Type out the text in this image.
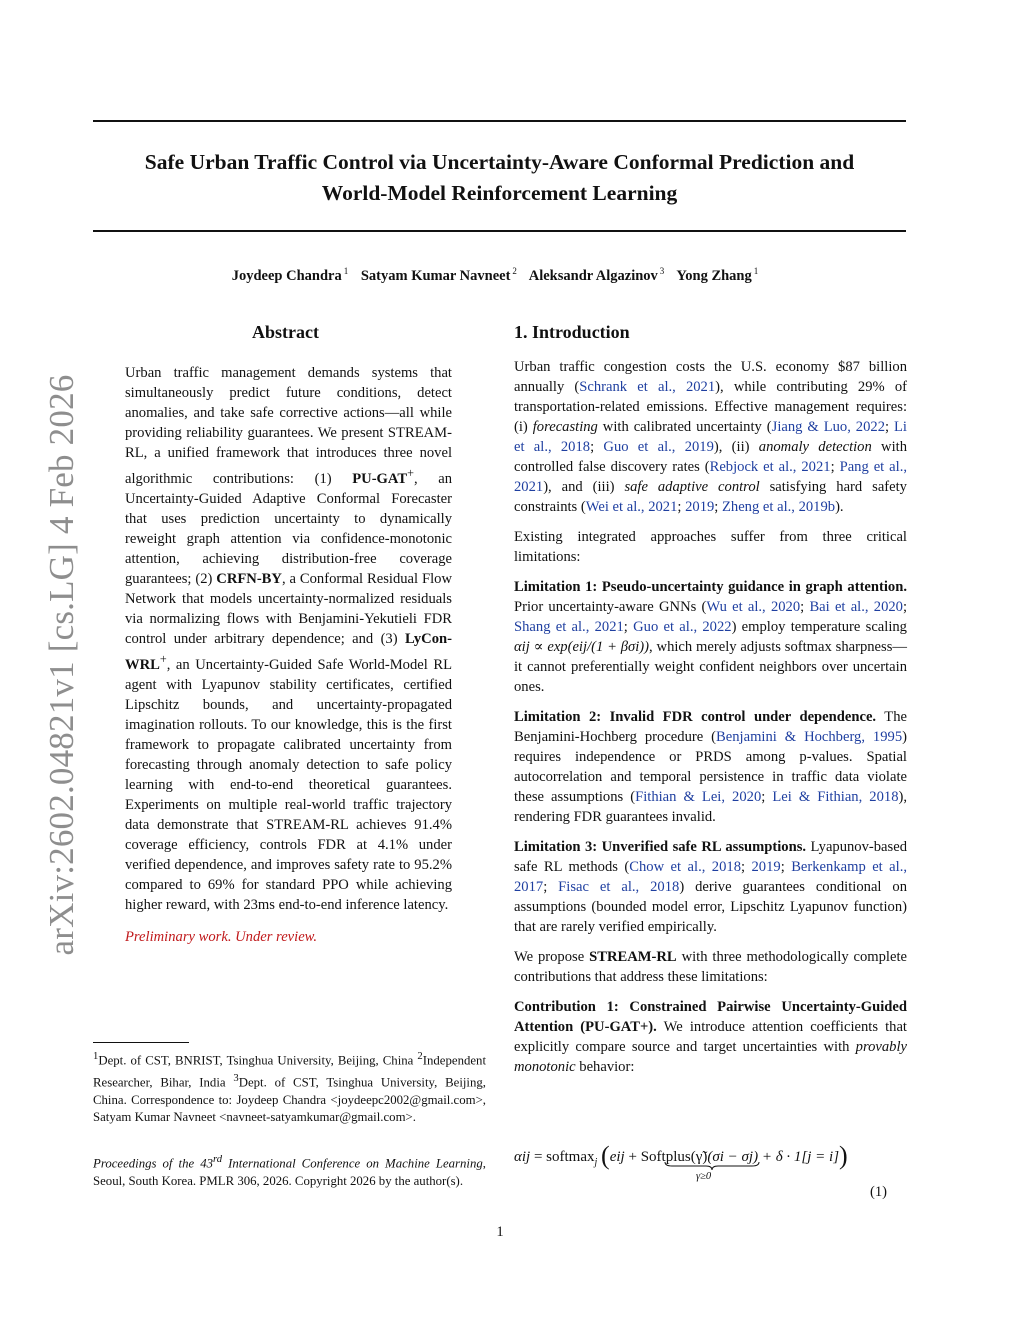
Safe Urban Traffic Control via Uncertainty-Aware Conformal Prediction and
World-Model Reinforcement Learning
Joydeep Chandra $^1$ Satyam Kumar Navneet $^2$ Aleksandr Algazinov $^3$ Yong Zhang $^1$
arXiv:2602.04821v1 [cs.LG] 4 Feb 2026
Abstract

Urban traffic management demands systems that simultaneously predict future conditions, detect anomalies, and take safe corrective actions—all while providing reliability guarantees. We present STREAM-RL, a unified framework that introduces three novel algorithmic contributions: (1) PU-GAT+, an Uncertainty-Guided Adaptive Conformal Forecaster that uses prediction uncertainty to dynamically reweight graph attention via confidence-monotonic attention, achieving distribution-free coverage guarantees; (2) CRFN-BY, a Conformal Residual Flow Network that models uncertainty-normalized residuals via normalizing flows with Benjamini-Yekutieli FDR control under arbitrary dependence; and (3) LyCon-WRL+, an Uncertainty-Guided Safe World-Model RL agent with Lyapunov stability certificates, certified Lipschitz bounds, and uncertainty-propagated imagination rollouts. To our knowledge, this is the first framework to propagate calibrated uncertainty from forecasting through anomaly detection to safe policy learning with end-to-end theoretical guarantees. Experiments on multiple real-world traffic trajectory data demonstrate that STREAM-RL achieves 91.4% coverage efficiency, controls FDR at 4.1% under verified dependence, and improves safety rate to 95.2% compared to 69% for standard PPO while achieving higher reward, with 23ms end-to-end inference latency.

Preliminary work. Under review.

$^1$Dept. of CST, BNRIST, Tsinghua University, Beijing, China $^2$Independent Researcher, Bihar, India $^3$Dept. of CST, Tsinghua University, Beijing, China. Correspondence to: Joydeep Chandra <joydeepc2002@gmail.com>, Satyam Kumar Navneet <navneet-satyamkumar@gmail.com>.

Proceedings of the 43rd International Conference on Machine Learning, Seoul, South Korea. PMLR 306, 2026. Copyright 2026 by the author(s).

1. Introduction

Urban traffic congestion costs the U.S. economy $87 billion annually (Schrank et al., 2021), while contributing 29% of transportation-related emissions. Effective management requires: (i) forecasting with calibrated uncertainty (Jiang & Luo, 2022; Li et al., 2018; Guo et al., 2019), (ii) anomaly detection with controlled false discovery rates (Rebjock et al., 2021; Pang et al., 2021), and (iii) safe adaptive control satisfying hard safety constraints (Wei et al., 2021; 2019; Zheng et al., 2019b).

Existing integrated approaches suffer from three critical limitations:

Limitation 1: Pseudo-uncertainty guidance in graph attention. Prior uncertainty-aware GNNs (Wu et al., 2020; Bai et al., 2020; Shang et al., 2021; Guo et al., 2022) employ temperature scaling αij ∝ exp(eij/(1 + βσi)), which merely adjusts softmax sharpness—it cannot preferentially weight confident neighbors over uncertain ones.

Limitation 2: Invalid FDR control under dependence. The Benjamini-Hochberg procedure (Benjamini & Hochberg, 1995) requires independence or PRDS among p-values. Spatial autocorrelation and temporal persistence in traffic data violate these assumptions (Fithian & Lei, 2020; Lei & Fithian, 2018), rendering FDR guarantees invalid.

Limitation 3: Unverified safe RL assumptions. Lyapunov-based safe RL methods (Chow et al., 2018; 2019; Berkenkamp et al., 2017; Fisac et al., 2018) derive guarantees conditional on assumptions (bounded model error, Lipschitz Lyapunov function) that are rarely verified empirically.

We propose STREAM-RL with three methodologically complete contributions that address these limitations:

Contribution 1: Constrained Pairwise Uncertainty-Guided Attention (PU-GAT+). We introduce attention coefficients that explicitly compare source and target uncertainties with provably monotonic behavior:

αij = softmax$_j$ (eij + Softplus(γ̃)(σi − σj) + δ · 1[j = i])
γ≥0
(1)
1
